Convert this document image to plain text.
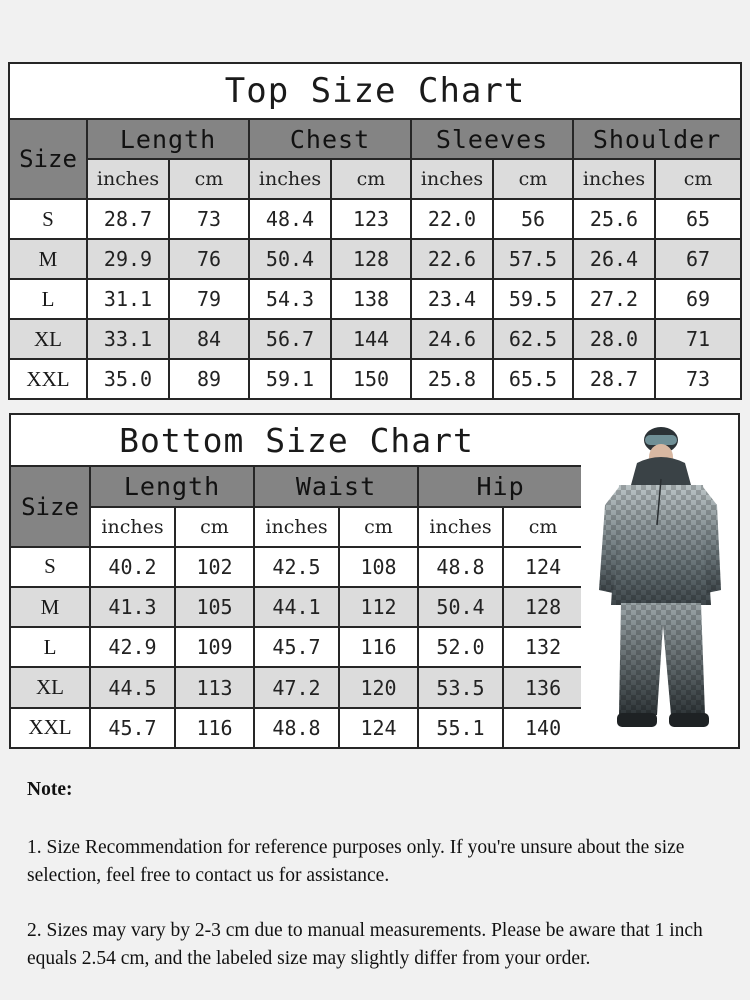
Top Size Chart								
Size	Length		Chest		Sleeves		Shoulder	
	inches	cm	inches	cm	inches	cm	inches	cm
S	28.7	73	48.4	123	22.0	56	25.6	65
M	29.9	76	50.4	128	22.6	57.5	26.4	67
L	31.1	79	54.3	138	23.4	59.5	27.2	69
XL	33.1	84	56.7	144	24.6	62.5	28.0	71
XXL	35.0	89	59.1	150	25.8	65.5	28.7	73
Bottom Size Chart						
Size	Length		Waist		Hip	
	inches	cm	inches	cm	inches	cm
S	40.2	102	42.5	108	48.8	124
M	41.3	105	44.1	112	50.4	128
L	42.9	109	45.7	116	52.0	132
XL	44.5	113	47.2	120	53.5	136
XXL	45.7	116	48.8	124	55.1	140
Note:

1. Size Recommendation for reference purposes only. If you're unsure about the size selection, feel free to contact us for assistance.

2. Sizes may vary by 2-3 cm due to manual measurements. Please be aware that 1 inch equals 2.54 cm, and the labeled size may slightly differ from your order.
